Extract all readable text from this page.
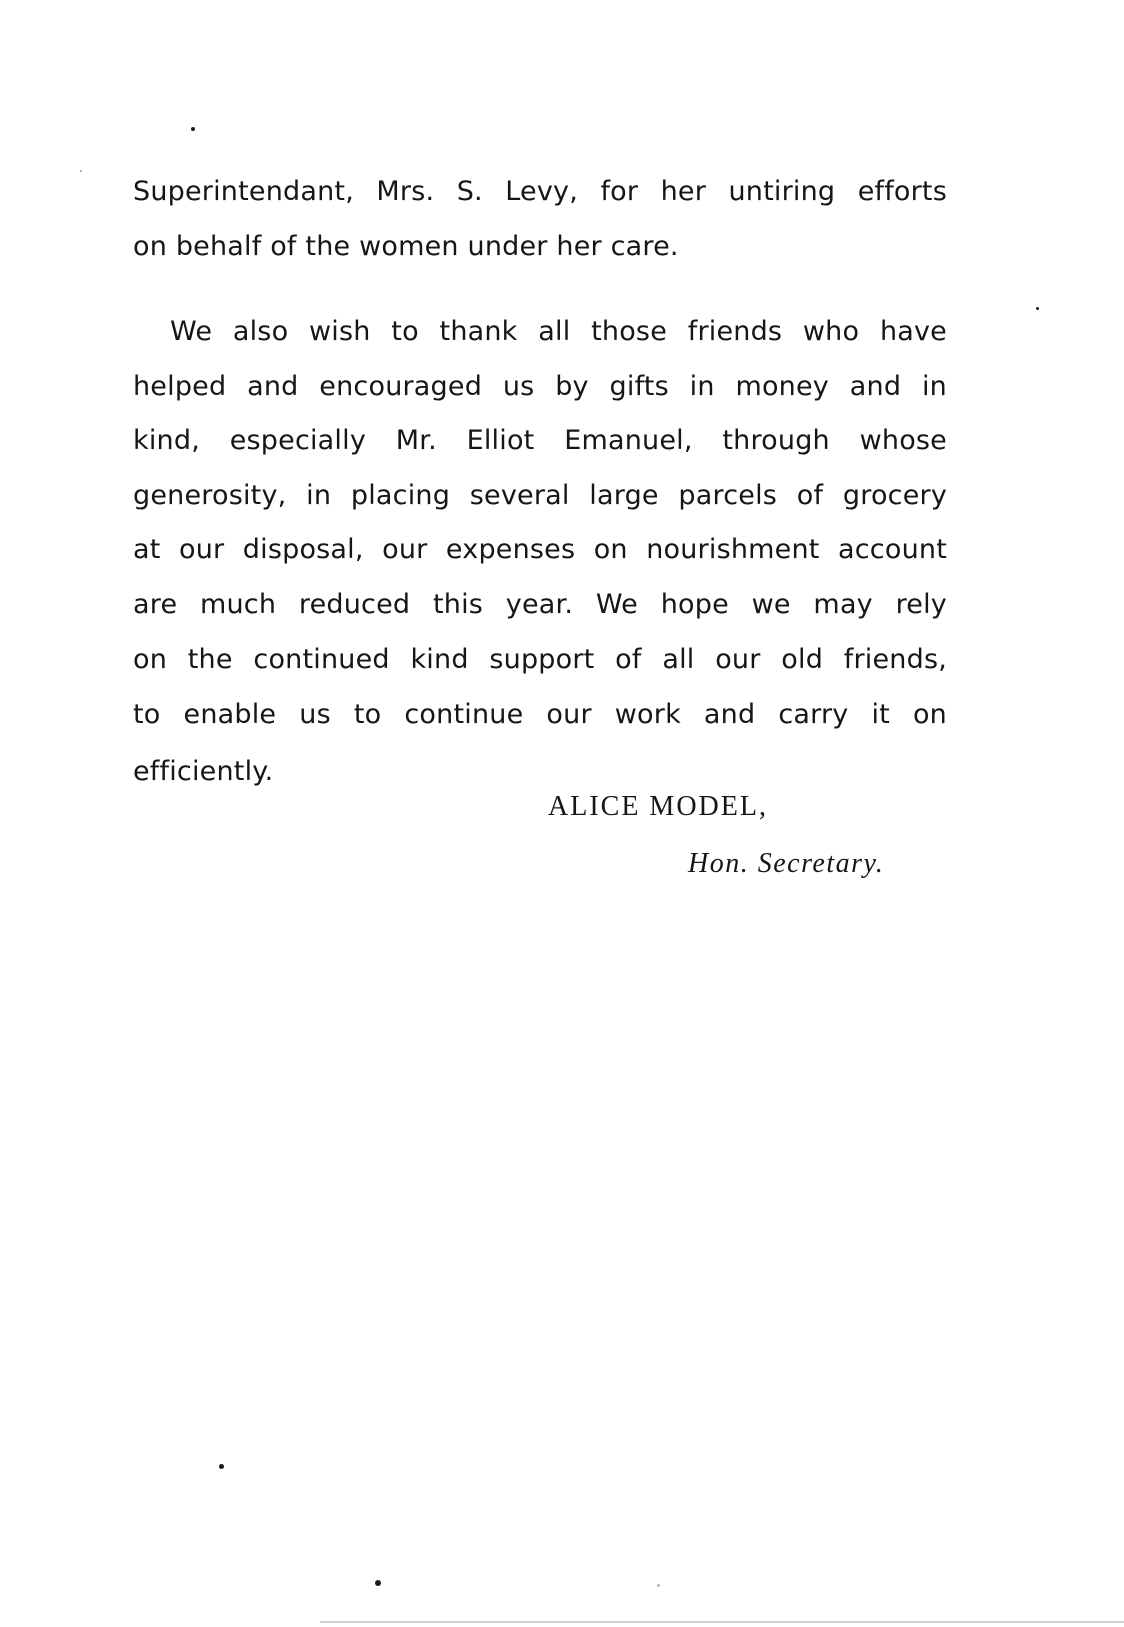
Superintendant, Mrs. S. Levy, for her untiring efforts
on behalf of the women under her care.
We also wish to thank all those friends who have
helped and encouraged us by gifts in money and in
kind, especially Mr. Elliot Emanuel, through whose
generosity, in placing several large parcels of grocery
at our disposal, our expenses on nourishment account
are much reduced this year. We hope we may rely
on the continued kind support of all our old friends,
to enable us to continue our work and carry it on
efficiently.
ALICE MODEL,
Hon. Secretary.
